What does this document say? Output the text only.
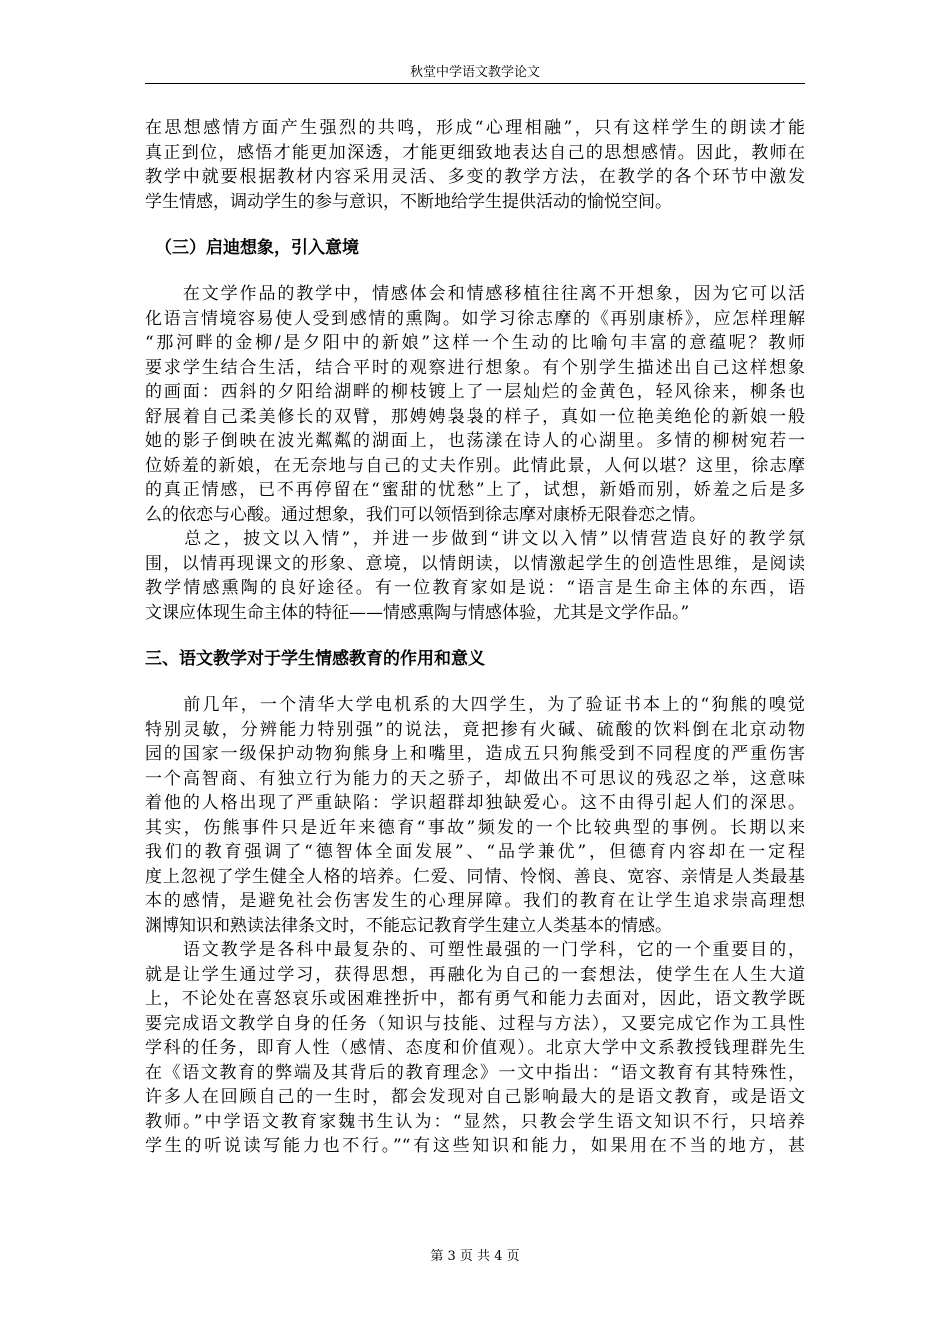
秋堂中学语文教学论文
在思想感情方面产生强烈的共鸣，形成“心理相融”，只有这样学生的朗读才能
真正到位，感悟才能更加深透，才能更细致地表达自己的思想感情。因此，教师在
教学中就要根据教材内容采用灵活、多变的教学方法，在教学的各个环节中激发
学生情感，调动学生的参与意识，不断地给学生提供活动的愉悦空间。
（三）启迪想象，引入意境
　　在文学作品的教学中，情感体会和情感移植往往离不开想象，因为它可以活
化语言情境容易使人受到感情的熏陶。如学习徐志摩的《再别康桥》，应怎样理解
“那河畔的金柳/是夕阳中的新娘”这样一个生动的比喻句丰富的意蕴呢？教师
要求学生结合生活，结合平时的观察进行想象。有个别学生描述出自己这样想象
的画面：西斜的夕阳给湖畔的柳枝镀上了一层灿烂的金黄色，轻风徐来，柳条也
舒展着自己柔美修长的双臂，那娉娉袅袅的样子，真如一位艳美绝伦的新娘一般
她的影子倒映在波光粼粼的湖面上，也荡漾在诗人的心湖里。多情的柳树宛若一
位娇羞的新娘，在无奈地与自己的丈夫作别。此情此景，人何以堪？这里，徐志摩
的真正情感，已不再停留在“蜜甜的忧愁”上了，试想，新婚而别，娇羞之后是多
么的依恋与心酸。通过想象，我们可以领悟到徐志摩对康桥无限眷恋之情。
　　总之，披文以入情”，并进一步做到“讲文以入情”以情营造良好的教学氛
围，以情再现课文的形象、意境，以情朗读，以情激起学生的创造性思维，是阅读
教学情感熏陶的良好途径。有一位教育家如是说：“语言是生命主体的东西，语
文课应体现生命主体的特征——情感熏陶与情感体验，尤其是文学作品。”
三、语文教学对于学生情感教育的作用和意义
　　前几年，一个清华大学电机系的大四学生，为了验证书本上的“狗熊的嗅觉
特别灵敏，分辨能力特别强”的说法，竟把掺有火碱、硫酸的饮料倒在北京动物
园的国家一级保护动物狗熊身上和嘴里，造成五只狗熊受到不同程度的严重伤害
一个高智商、有独立行为能力的天之骄子，却做出不可思议的残忍之举，这意味
着他的人格出现了严重缺陷：学识超群却独缺爱心。这不由得引起人们的深思。
其实，伤熊事件只是近年来德育“事故”频发的一个比较典型的事例。长期以来
我们的教育强调了“德智体全面发展”、“品学兼优”，但德育内容却在一定程
度上忽视了学生健全人格的培养。仁爱、同情、怜悯、善良、宽容、亲情是人类最基
本的感情，是避免社会伤害发生的心理屏障。我们的教育在让学生追求崇高理想
渊博知识和熟读法律条文时，不能忘记教育学生建立人类基本的情感。
　　语文教学是各科中最复杂的、可塑性最强的一门学科，它的一个重要目的，
就是让学生通过学习，获得思想，再融化为自己的一套想法，使学生在人生大道
上，不论处在喜怒哀乐或困难挫折中，都有勇气和能力去面对，因此，语文教学既
要完成语文教学自身的任务（知识与技能、过程与方法），又要完成它作为工具性
学科的任务，即育人性（感情、态度和价值观）。北京大学中文系教授钱理群先生
在《语文教育的弊端及其背后的教育理念》一文中指出：“语文教育有其特殊性，
许多人在回顾自己的一生时，都会发现对自己影响最大的是语文教育，或是语文
教师。”中学语文教育家魏书生认为：“显然，只教会学生语文知识不行，只培养
学生的听说读写能力也不行。”“有这些知识和能力，如果用在不当的地方，甚
第 3 页 共 4 页
